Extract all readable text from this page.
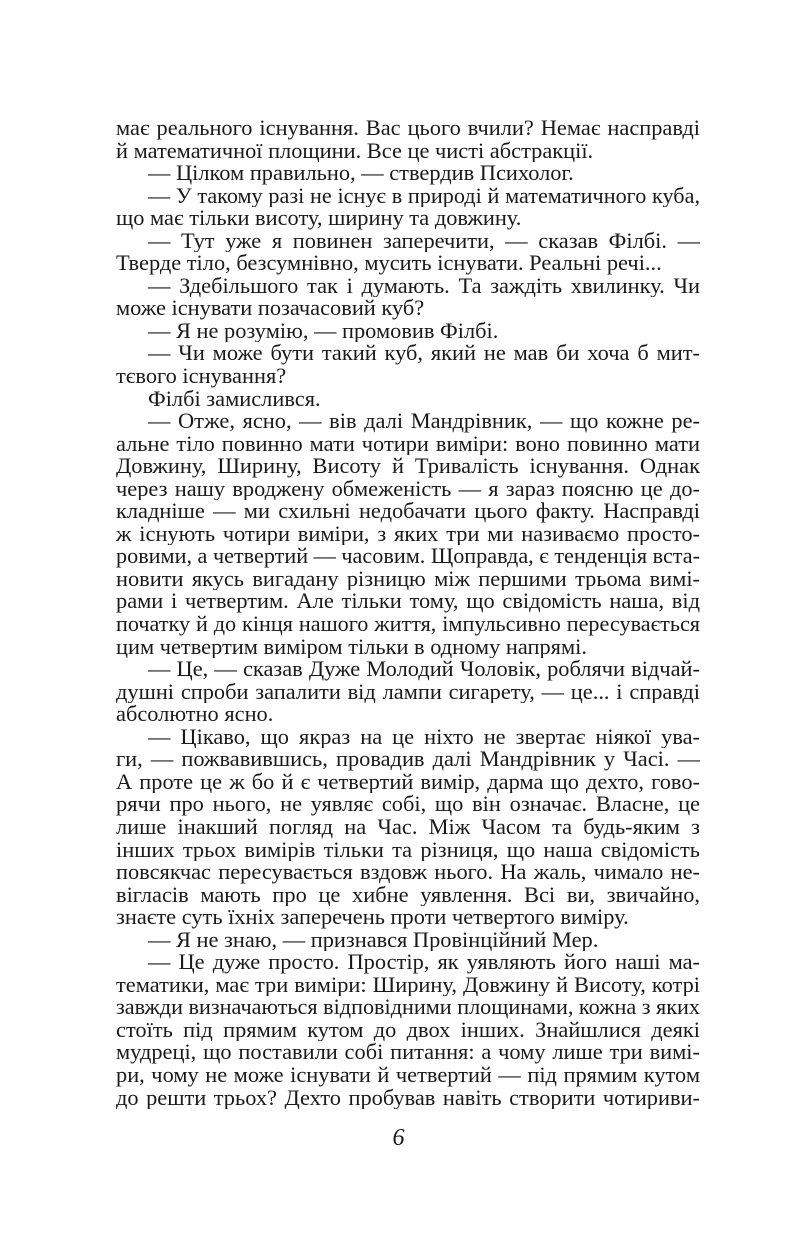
має реального існування. Вас цього вчили? Немає насправді
й математичної площини. Все це чисті абстракції.
— Цілком правильно, — ствердив Психолог.
— У такому разі не існує в природі й математичного куба,
що має тільки висоту, ширину та довжину.
— Тут уже я повинен заперечити, — сказав Філбі. —
Тверде тіло, безсумнівно, мусить існувати. Реальні речі...
— Здебільшого так і думають. Та заждіть хвилинку. Чи
може існувати позачасовий куб?
— Я не розумію, — промовив Філбі.
— Чи може бути такий куб, який не мав би хоча б мит-
тєвого існування?
Філбі замислився.
— Отже, ясно, — вів далі Мандрівник, — що кожне ре-
альне тіло повинно мати чотири виміри: воно повинно мати
Довжину, Ширину, Висоту й Тривалість існування. Однак
через нашу вроджену обмеженість — я зараз поясню це до-
кладніше — ми схильні недобачати цього факту. Насправді
ж існують чотири виміри, з яких три ми називаємо просто-
ровими, а четвертий — часовим. Щоправда, є тенденція вста-
новити якусь вигадану різницю між першими трьома вимі-
рами і четвертим. Але тільки тому, що свідомість наша, від
початку й до кінця нашого життя, імпульсивно пересувається
цим четвертим виміром тільки в одному напрямі.
— Це, — сказав Дуже Молодий Чоловік, роблячи відчай-
душні спроби запалити від лампи сигарету, — це... і справді
абсолютно ясно.
— Цікаво, що якраз на це ніхто не звертає ніякої ува-
ги, — пожвавившись, провадив далі Мандрівник у Часі. —
А проте це ж бо й є четвертий вимір, дарма що дехто, гово-
рячи про нього, не уявляє собі, що він означає. Власне, це
лише інакший погляд на Час. Між Часом та будь-яким з
інших трьох вимірів тільки та різниця, що наша свідомість
повсякчас пересувається вздовж нього. На жаль, чимало не-
вігласів мають про це хибне уявлення. Всі ви, звичайно,
знаєте суть їхніх заперечень проти четвертого виміру.
— Я не знаю, — признався Провінційний Мер.
— Це дуже просто. Простір, як уявляють його наші ма-
тематики, має три виміри: Ширину, Довжину й Висоту, котрі
завжди визначаються відповідними площинами, кожна з яких
стоїть під прямим кутом до двох інших. Знайшлися деякі
мудреці, що поставили собі питання: а чому лише три вимі-
ри, чому не може існувати й четвертий — під прямим кутом
до решти трьох? Дехто пробував навіть створити чотириви-
6
